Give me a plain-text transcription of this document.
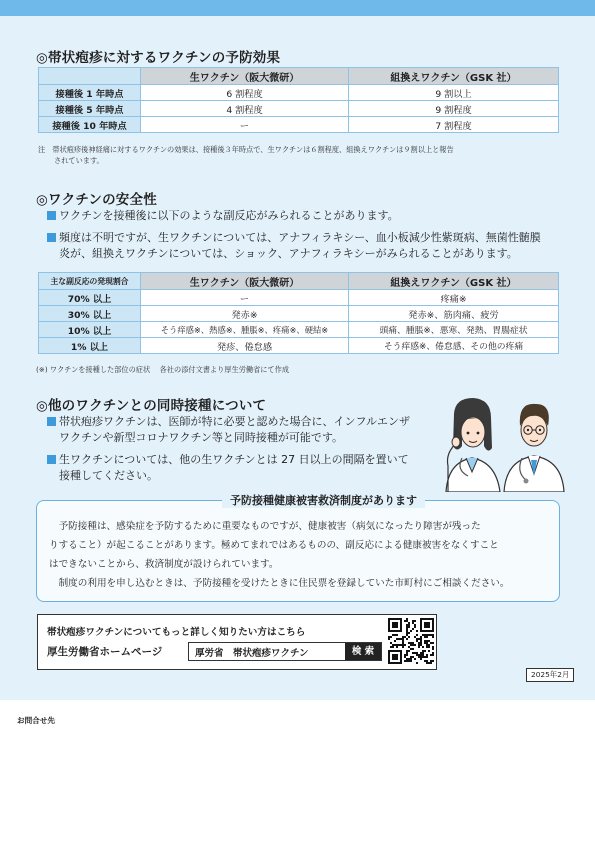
◎帯状疱疹に対するワクチンの予防効果
	生ワクチン（阪大微研）	組換えワクチン（GSK 社）
接種後 1 年時点	6 割程度	9 割以上
接種後 5 年時点	4 割程度	9 割程度
接種後 10 年時点	ー	7 割程度
注　帯状疱疹後神経痛に対するワクチンの効果は、接種後３年時点で、生ワクチンは６割程度、組換えワクチンは９割以上と報告
されています。
◎ワクチンの安全性
ワクチンを接種後に以下のような副反応がみられることがあります。
頻度は不明ですが、生ワクチンについては、アナフィラキシー、血小板減少性紫斑病、無菌性髄膜
炎が、組換えワクチンについては、ショック、アナフィラキシーがみられることがあります。
主な副反応の発現割合	生ワクチン（阪大微研）	組換えワクチン（GSK 社）
70% 以上	ー	疼痛※
30% 以上	発赤※	発赤※、筋肉痛、疲労
10% 以上	そう痒感※、熱感※、腫脹※、疼痛※、硬結※	頭痛、腫脹※、悪寒、発熱、胃腸症状
1% 以上	発疹、倦怠感	そう痒感※、倦怠感、その他の疼痛
(※) ワクチンを接種した部位の症状　 各社の添付文書より厚生労働省にて作成
◎他のワクチンとの同時接種について
帯状疱疹ワクチンは、医師が特に必要と認めた場合に、インフルエンザ
ワクチンや新型コロナワクチン等と同時接種が可能です。
生ワクチンについては、他の生ワクチンとは 27 日以上の間隔を置いて
接種してください。
予防接種健康被害救済制度があります
　予防接種は、感染症を予防するために重要なものですが、健康被害（病気になったり障害が残った
りすること）が起こることがあります。極めてまれではあるものの、副反応による健康被害をなくすこと
はできないことから、救済制度が設けられています。
　制度の利用を申し込むときは、予防接種を受けたときに住民票を登録していた市町村にご相談ください。
帯状疱疹ワクチンについてもっと詳しく知りたい方はこちら
厚生労働省ホームページ	厚労省　帯状疱疹ワクチン	検 索
2025年2月
お問合せ先
